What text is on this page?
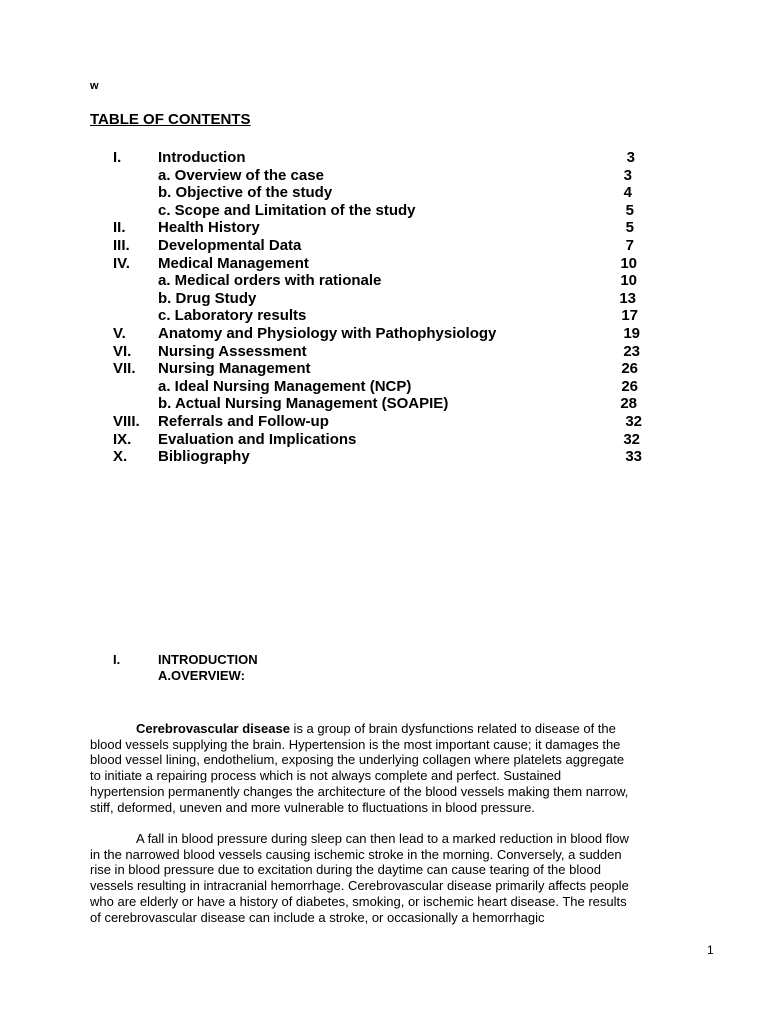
w
TABLE OF CONTENTS
I. Introduction	3
a. Overview of the case	3
b. Objective of the study	4
c. Scope and Limitation of the study	5
II. Health History	5
III. Developmental Data	7
IV. Medical Management	10
a. Medical orders with rationale	10
b. Drug Study	13
c. Laboratory results	17
V. Anatomy and Physiology with Pathophysiology	19
VI. Nursing Assessment	23
VII. Nursing Management	26
a. Ideal Nursing Management (NCP)	26
b. Actual Nursing Management (SOAPIE)	28
VIII. Referrals and Follow-up	32
IX. Evaluation and Implications	32
X. Bibliography	33
I.	INTRODUCTION
A.OVERVIEW:
Cerebrovascular disease is a group of brain dysfunctions related to disease of the
blood vessels supplying the brain. Hypertension is the most important cause; it damages the
blood vessel lining, endothelium, exposing the underlying collagen where platelets aggregate
to initiate a repairing process which is not always complete and perfect. Sustained
hypertension permanently changes the architecture of the blood vessels making them narrow,
stiff, deformed, uneven and more vulnerable to fluctuations in blood pressure.
A fall in blood pressure during sleep can then lead to a marked reduction in blood flow
in the narrowed blood vessels causing ischemic stroke in the morning. Conversely, a sudden
rise in blood pressure due to excitation during the daytime can cause tearing of the blood
vessels resulting in intracranial hemorrhage. Cerebrovascular disease primarily affects people
who are elderly or have a history of diabetes, smoking, or ischemic heart disease. The results
of cerebrovascular disease can include a stroke, or occasionally a hemorrhagic
1
